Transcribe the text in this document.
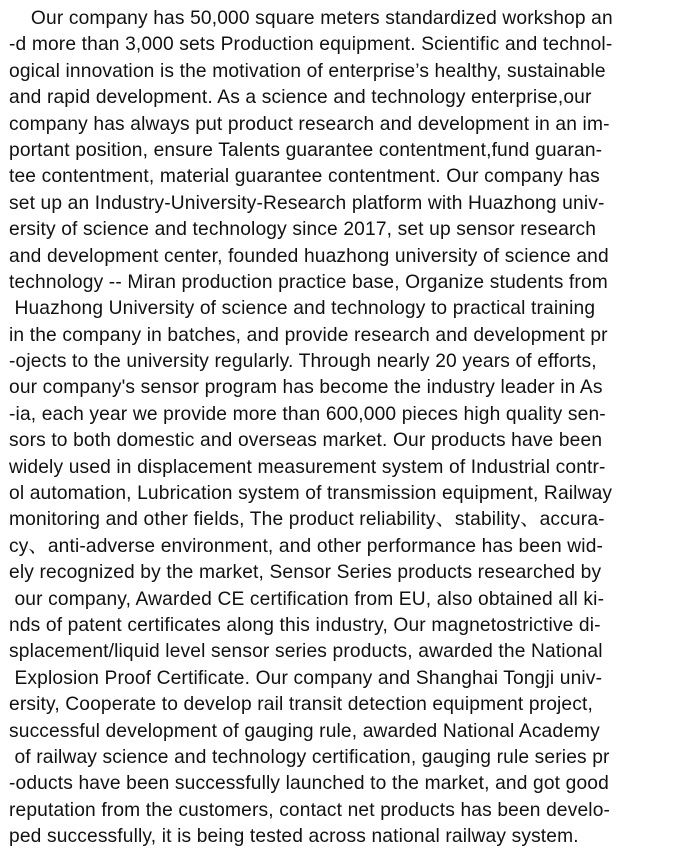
Our company has 50,000 square meters standardized workshop an
-d more than 3,000 sets Production equipment. Scientific and technol-
ogical innovation is the motivation of enterprise’s healthy, sustainable
and rapid development. As a science and technology enterprise,our
company has always put product research and development in an im-
portant position, ensure Talents guarantee contentment,fund guaran-
tee contentment, material guarantee contentment. Our company has
set up an Industry-University-Research platform with Huazhong univ-
ersity of science and technology since 2017, set up sensor research
and development center, founded huazhong university of science and
technology -- Miran production practice base, Organize students from
Huazhong University of science and technology to practical training
in the company in batches, and provide research and development pr
-ojects to the university regularly. Through nearly 20 years of efforts,
our company's sensor program has become the industry leader in As
-ia, each year we provide more than 600,000 pieces high quality sen-
sors to both domestic and overseas market. Our products have been
widely used in displacement measurement system of Industrial contr-
ol automation, Lubrication system of transmission equipment, Railway
monitoring and other fields, The product reliability、stability、accura-
cy、anti-adverse environment, and other performance has been wid-
ely recognized by the market, Sensor Series products researched by
our company, Awarded CE certification from EU, also obtained all ki-
nds of patent certificates along this industry, Our magnetostrictive di-
splacement/liquid level sensor series products, awarded the National
Explosion Proof Certificate. Our company and Shanghai Tongji univ-
ersity, Cooperate to develop rail transit detection equipment project,
successful development of gauging rule, awarded National Academy
of railway science and technology certification, gauging rule series pr
-oducts have been successfully launched to the market, and got good
reputation from the customers, contact net products has been develo-
ped successfully, it is being tested across national railway system.
